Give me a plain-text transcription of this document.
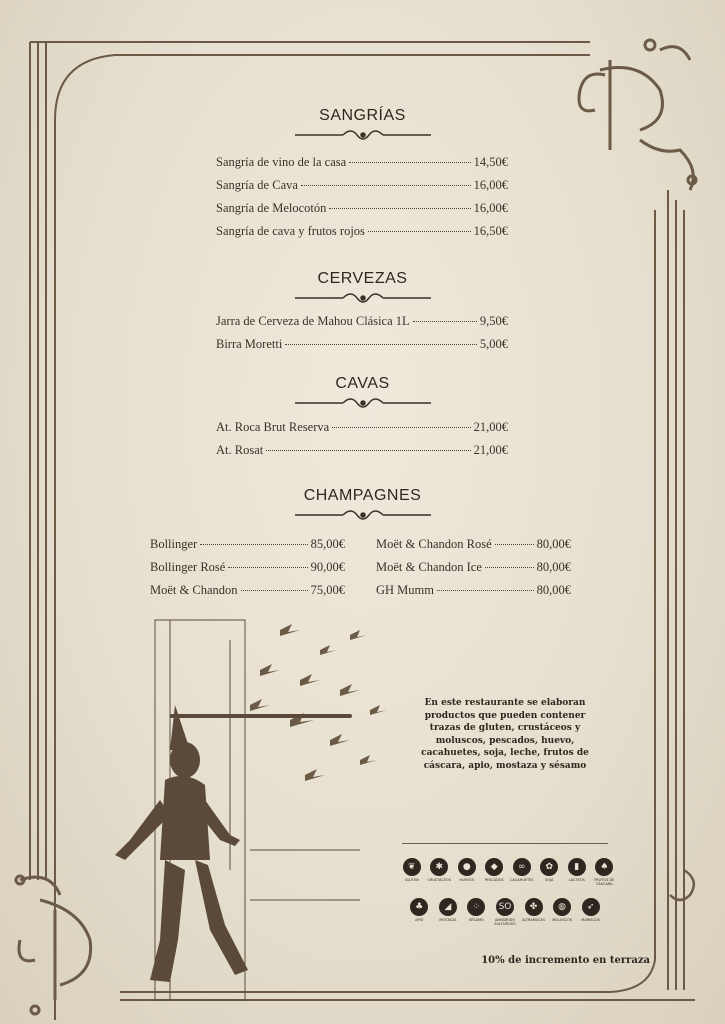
SANGRÍAS
Sangría de vino de la casa	14,50€
Sangría de Cava	16,00€
Sangría de Melocotón	16,00€
Sangría de cava y frutos rojos	16,50€
CERVEZAS
Jarra de Cerveza de Mahou Clásica 1L	9,50€
Birra Moretti	5,00€
CAVAS
At. Roca Brut Reserva	21,00€
At. Rosat	21,00€
CHAMPAGNES
Bollinger	85,00€
Bollinger Rosé	90,00€
Moët & Chandon	75,00€
Moët & Chandon Rosé	80,00€
Moët & Chandon Ice	80,00€
GH Mumm	80,00€
En este restaurante se elaboran productos que pueden contener trazas de gluten, crustáceos y moluscos, pescados, huevo, cacahuetes, soja, leche, frutos de cáscara, apio, mostaza y sésamo
❦
GLUTEN
✱
CRUSTÁCEOS
●
HUEVOS
◆
PESCADOS
∞
CACAHUETES
✿
SOJA
▮
LÁCTEOS
♠
FRUTOS DE CÁSCARA
♣
APIO
◢
MOSTAZA
⁘
SÉSAMO
SO
ANHÍDRIDO SULFUROSO
✤
ALTRAMUCES
◍
MOLUSCOS
➶
MARISCOS
10% de incremento en terraza
